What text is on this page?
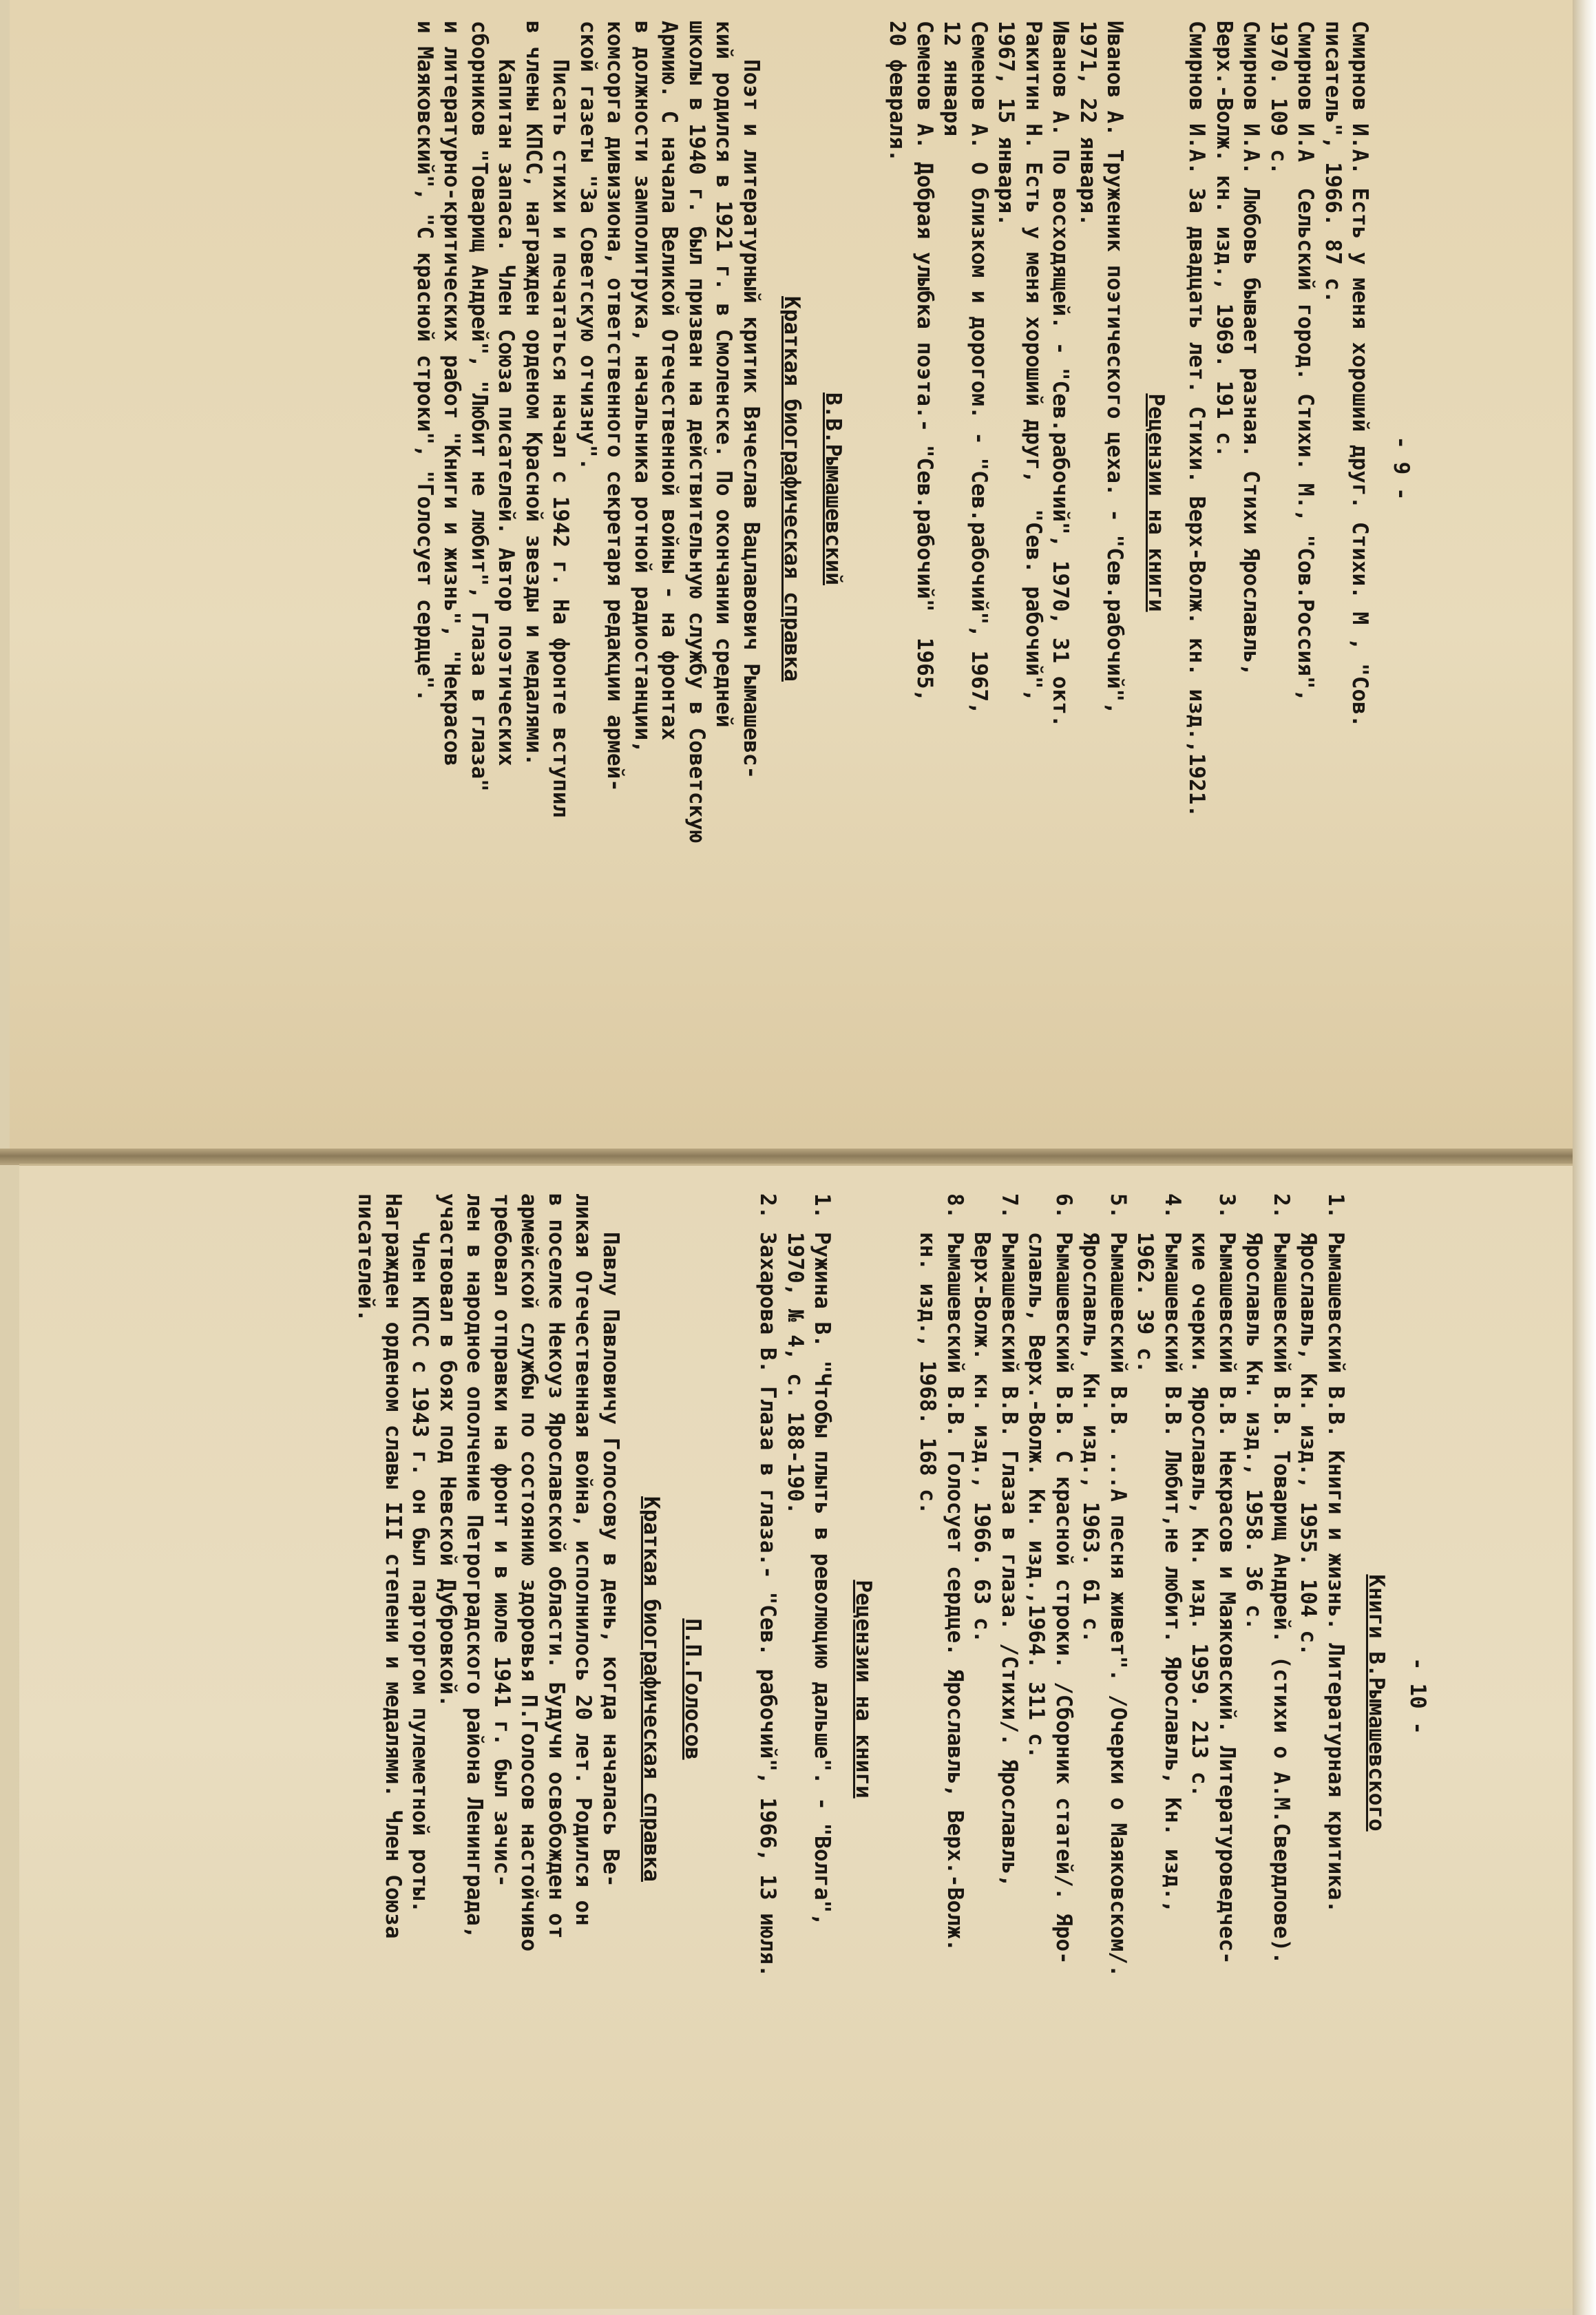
- 9 -
Смирнов И.А. Есть у меня хороший друг. Стихи. М , "Сов.
писатель", 1966. 87 с.
Смирнов И.А  Сельский город. Стихи. М., "Сов.Россия",
1970. 109 с.
Смирнов И.А. Любовь бывает разная. Стихи Ярославль,
Верх.-Волж. кн. изд., 1969. 191 с.
Смирнов И.А. За двадцать лет. Стихи. Верх-Волж. кн. изд.,1921.
Рецензии на книги
Иванов А. Труженик поэтического цеха. - "Сев.рабочий",
1971, 22 января.
Иванов А. По восходящей. - "Сев.рабочий", 1970, 31 окт.
Ракитин Н. Есть у меня хороший друг,  "Сев. рабочий",
1967, 15 января.
Семенов А. О близком и дорогом. - "Сев.рабочий", 1967,
12 января
Семенов А. Добрая улыбка поэта.- "Сев.рабочий"  1965,
20 февраля.
В.В.Рымашевский
Краткая биографическая справка
Поэт и литературный критик Вячеслав Вацлавович Рымашевс-
кий родился в 1921 г. в Смоленске. По окончании средней
школы в 1940 г. был призван на действительную службу в Советскую
Армию. С начала Великой Отечественной войны - на фронтах
в должности замполитрука, начальника ротной радиостанции,
комсорга дивизиона, ответственного секретаря редакции армей-
ской газеты "За Советскую отчизну".
Писать стихи и печататься начал с 1942 г. На фронте вступил
в члены КПСС, награжден орденом Красной звезды и медалями.
Капитан запаса. Член Союза писателей. Автор поэтических
сборников "Товарищ Андрей", "Любит не любит", Глаза в глаза"
и литературно-критических работ "Книги и жизнь", "Некрасов
и Маяковский", "С красной строки", "Голосует сердце".
- 10 -
Книги В.Рымашевского
1. Рымашевский В.В. Книги и жизнь. Литературная критика.
Ярославль, Кн. изд., 1955. 104 с.
2. Рымашевский В.В. Товарищ Андрей. (стихи о А.М.Свердлове).
Ярославль Кн. изд., 1958. 36 с.
3. Рымашевский В.В. Некрасов и Маяковский. Литературоведчес-
кие очерки. Ярославль, Кн. изд. 1959. 213 с.
4. Рымашевский В.В. Любит,не любит. Ярославль, Кн. изд.,
1962. 39 с.
5. Рымашевский В.В. ...А песня живет". /Очерки о Маяковском/.
Ярославль, Кн. изд., 1963. 61 с.
6. Рымашевский В.В. С красной строки. /Сборник статей/. Яро-
славль, Верх.-Волж. Кн. изд.,1964. 311 с.
7. Рымашевский В.В. Глаза в глаза. /Стихи/. Ярославль,
Верх-Волж. кн. изд., 1966. 63 с.
8. Рымашевский В.В. Голосует сердце. Ярославль, Верх.-Волж.
кн. изд., 1968. 168 с.
Рецензии на книги
1. Ружина В. "Чтобы плыть в революцию дальше". - "Волга",
1970, № 4, с. 188-190.
2. Захарова В. Глаза в глаза.- "Сев. рабочий", 1966, 13 июля.
П.П.Голосов
Краткая биографическая справка
Павлу Павловичу Голосову в день, когда началась Ве-
ликая Отечественная война, исполнилось 20 лет. Родился он
в поселке Некоуз Ярославской области. Будучи освобожден от
армейской службы по состоянию здоровья П.Голосов настойчиво
требовал отправки на фронт и в июле 1941 г. был зачис-
лен в народное ополчение Петроградского района Ленинграда,
участвовал в боях под Невской Дубровкой.
Член КПСС с 1943 г. он был парторгом пулеметной роты.
Награжден орденом славы III степени и медалями. Член Союза
писателей.
